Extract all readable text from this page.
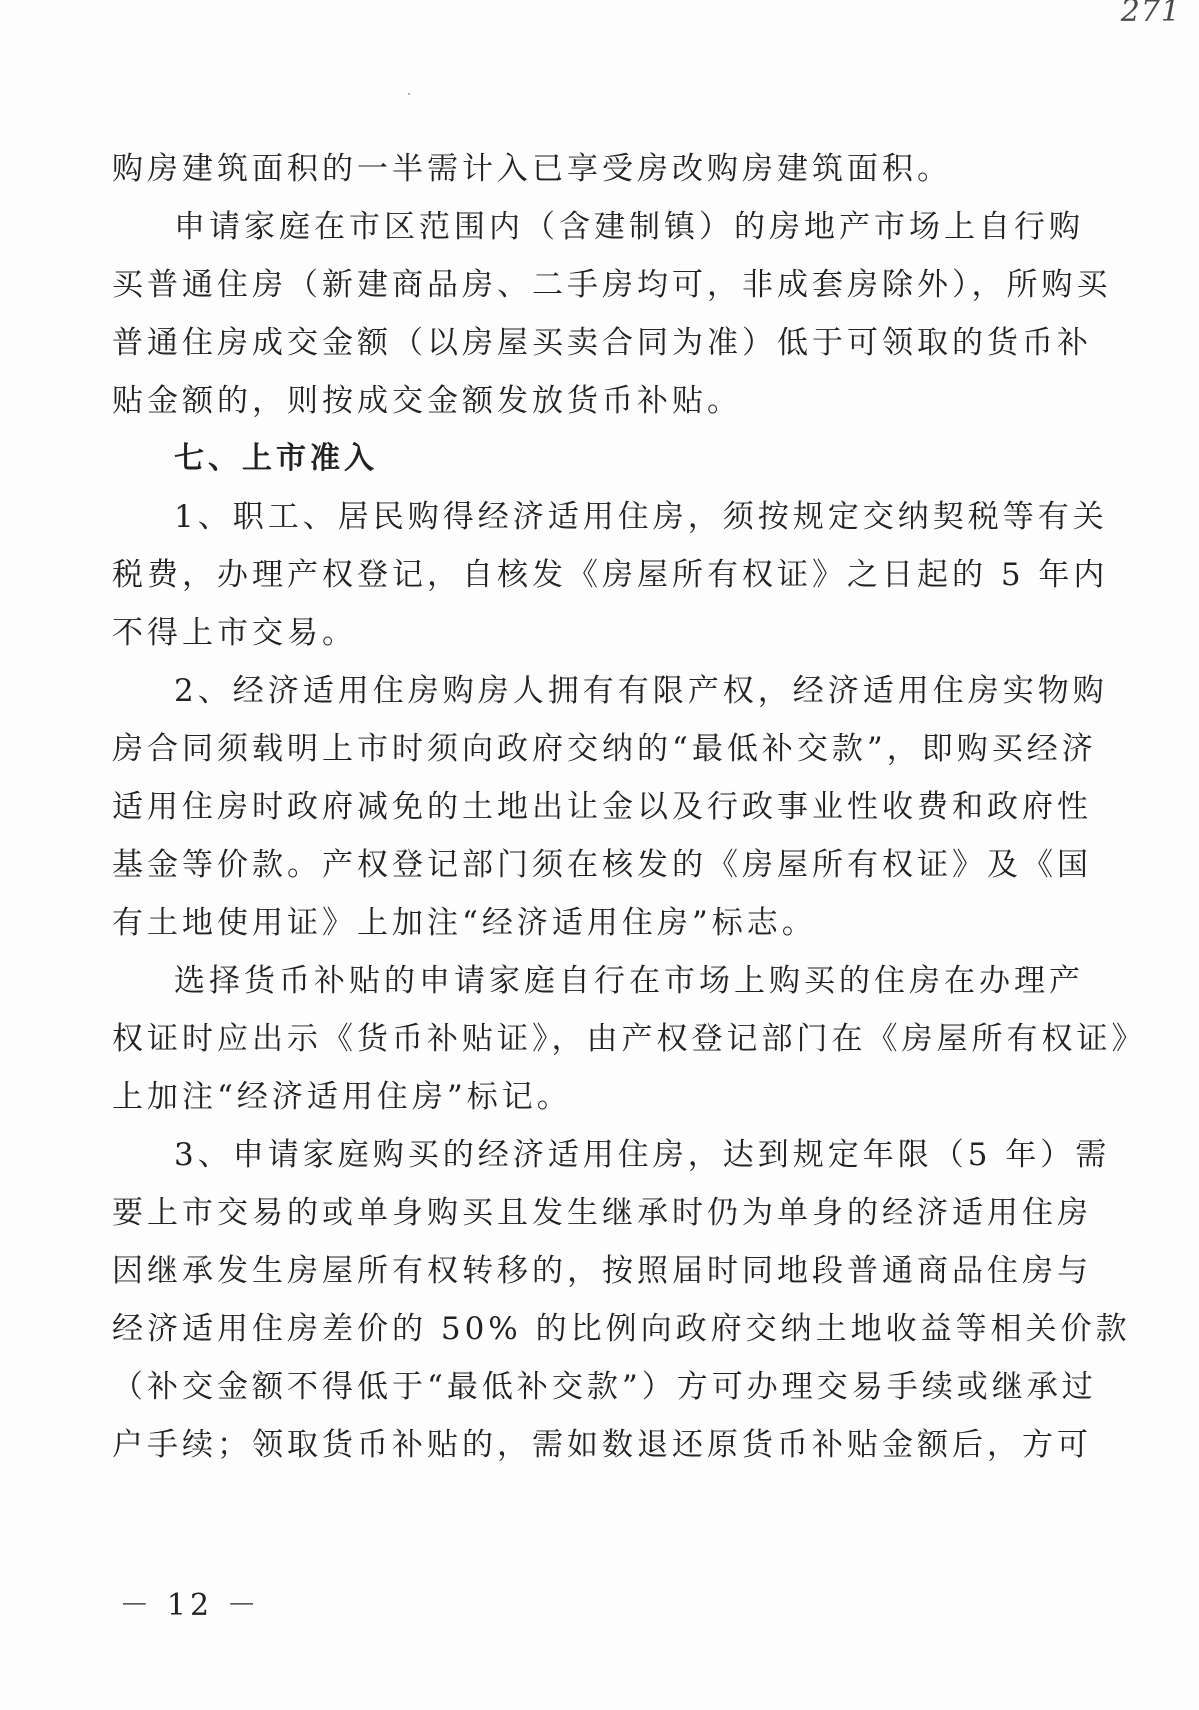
271
购房建筑面积的一半需计入已享受房改购房建筑面积。
申请家庭在市区范围内（含建制镇）的房地产市场上自行购
买普通住房（新建商品房、二手房均可，非成套房除外），所购买
普通住房成交金额（以房屋买卖合同为准）低于可领取的货币补
贴金额的，则按成交金额发放货币补贴。
七、上市准入
1、职工、居民购得经济适用住房，须按规定交纳契税等有关
税费，办理产权登记，自核发《房屋所有权证》之日起的 5 年内
不得上市交易。
2、经济适用住房购房人拥有有限产权，经济适用住房实物购
房合同须载明上市时须向政府交纳的“最低补交款”，即购买经济
适用住房时政府减免的土地出让金以及行政事业性收费和政府性
基金等价款。产权登记部门须在核发的《房屋所有权证》及《国
有土地使用证》上加注“经济适用住房”标志。
选择货币补贴的申请家庭自行在市场上购买的住房在办理产
权证时应出示《货币补贴证》，由产权登记部门在《房屋所有权证》
上加注“经济适用住房”标记。
3、申请家庭购买的经济适用住房，达到规定年限（5 年）需
要上市交易的或单身购买且发生继承时仍为单身的经济适用住房
因继承发生房屋所有权转移的，按照届时同地段普通商品住房与
经济适用住房差价的 50% 的比例向政府交纳土地收益等相关价款
（补交金额不得低于“最低补交款”）方可办理交易手续或继承过
户手续；领取货币补贴的，需如数退还原货币补贴金额后，方可
－ 12 －
